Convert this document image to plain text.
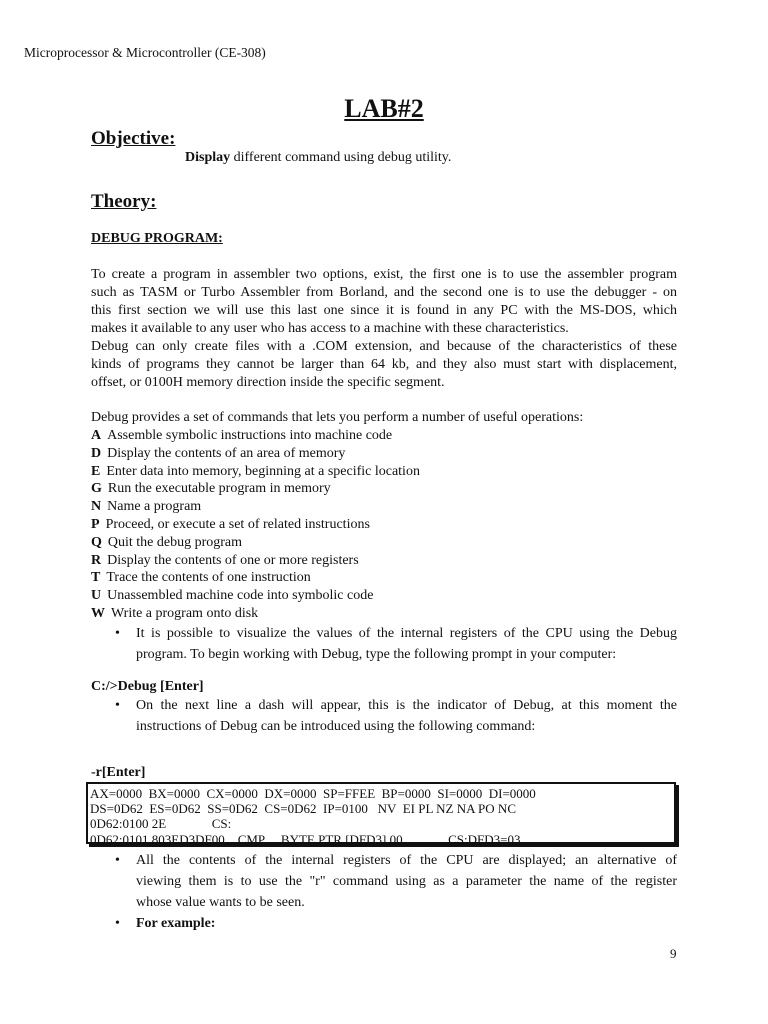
Microprocessor & Microcontroller (CE-308)
LAB#2
Objective:
Display different command using debug utility.
Theory:
DEBUG PROGRAM:
To create a program in assembler two options, exist, the first one is to use the assembler program
such as TASM or Turbo Assembler from Borland, and the second one is to use the debugger - on
this first section we will use this last one since it is found in any PC with the MS-DOS, which
makes it available to any user who has access to a machine with these characteristics.
Debug can only create files with a .COM extension, and because of the characteristics of these
kinds of programs they cannot be larger than 64 kb, and they also must start with displacement,
offset, or 0100H memory direction inside the specific segment.
Debug provides a set of commands that lets you perform a number of useful operations:
A Assemble symbolic instructions into machine code
D Display the contents of an area of memory
E Enter data into memory, beginning at a specific location
G Run the executable program in memory
N Name a program
P Proceed, or execute a set of related instructions
Q Quit the debug program
R Display the contents of one or more registers
T Trace the contents of one instruction
U Unassembled machine code into symbolic code
W Write a program onto disk
• It is possible to visualize the values of the internal registers of the CPU using the Debug
program. To begin working with Debug, type the following prompt in your computer:
C:/>Debug [Enter]
• On the next line a dash will appear, this is the indicator of Debug, at this moment the
instructions of Debug can be introduced using the following command:
-r[Enter]
AX=0000  BX=0000  CX=0000  DX=0000  SP=FFEE  BP=0000  SI=0000  DI=0000
DS=0D62  ES=0D62  SS=0D62  CS=0D62  IP=0100   NV  EI PL NZ NA PO NC
0D62:0100 2E              CS:
0D62:0101 803ED3DF00    CMP     BYTE PTR [DFD3],00              CS:DFD3=03
• All the contents of the internal registers of the CPU are displayed; an alternative of
viewing them is to use the "r" command using as a parameter the name of the register
whose value wants to be seen.
• For example:
9
